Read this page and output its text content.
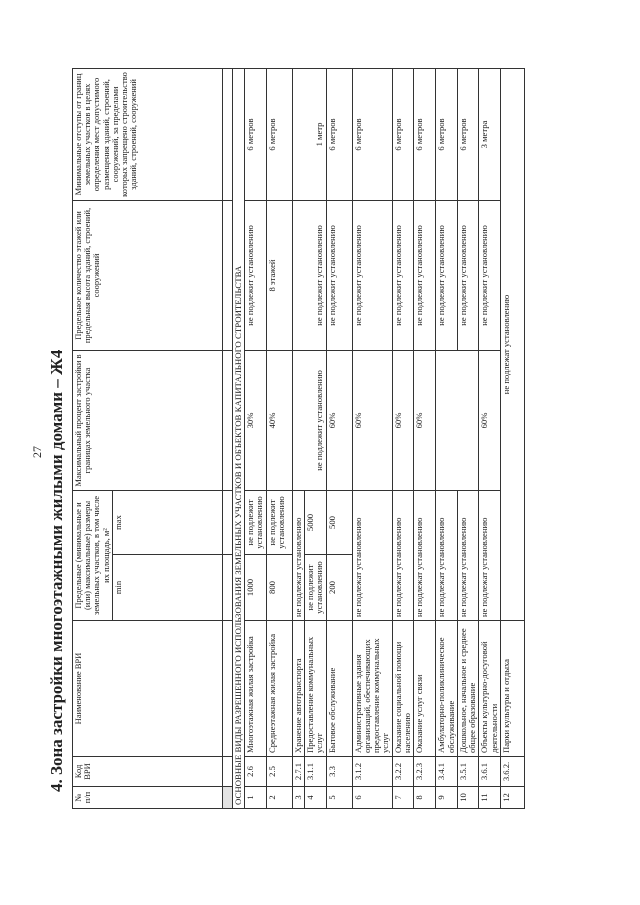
27 4. Зона застройки многоэтажными жилыми домами – Ж4
№ п/п	Код ВРИ	Наименование ВРИ	Предельные (минимальные и (или) максимальные) размеры земельных участков, в том числе их площадь, м²		Максимальный процент застройки в границах земельного участка	Предельное количество этажей или предельная высота зданий, строений, сооружений	Минимальные отступы от границ земельных участков в целях определения мест допустимого размещения зданий, строений, сооружений, за пределами которых запрещено строительство зданий, строений, сооружений
			min	max			

ОСНОВНЫЕ ВИДЫ РАЗРЕШЕННОГО ИСПОЛЬЗОВАНИЯ ЗЕМЕЛЬНЫХ УЧАСТКОВ И ОБЪЕКТОВ КАПИТАЛЬНОГО СТРОИТЕЛЬСТВА							
1	2.6	Многоэтажная жилая застройка	1000	не подлежит установлению	30%	не подлежит установлению	6 метров
2	2.5	Среднеэтажная жилая застройка	800	не подлежит установлению	40%	8 этажей	6 метров
3	2.7.1	Хранение автотранспорта	не подлежат установлению		не подлежит установлению	не подлежит установлению	1 метр
4	3.1.1	Предоставление коммунальных услуг	не подлежит установлению	5000			
5	3.3	Бытовое обслуживание	200	500	60%	не подлежит установлению	6 метров
6	3.1.2	Административные здания организаций, обеспечивающих предоставление коммунальных услуг	не подлежат установлению		60%	не подлежит установлению	6 метров
7	3.2.2	Оказание социальной помощи населению	не подлежат установлению		60%	не подлежит установлению	6 метров
8	3.2.3	Оказание услуг связи	не подлежат установлению		60%	не подлежит установлению	6 метров
9	3.4.1	Амбулаторно-поликлиническое обслуживание	не подлежат установлению			не подлежит установлению	6 метров
10	3.5.1	Дошкольное, начальное и среднее общее образование	не подлежат установлению			не подлежит установлению	6 метров
11	3.6.1	Объекты культурно-досуговой деятельности	не подлежат установлению		60%	не подлежит установлению	3 метра
12	3.6.2.	Парки культуры и отдыха	не подлежат установлению				
